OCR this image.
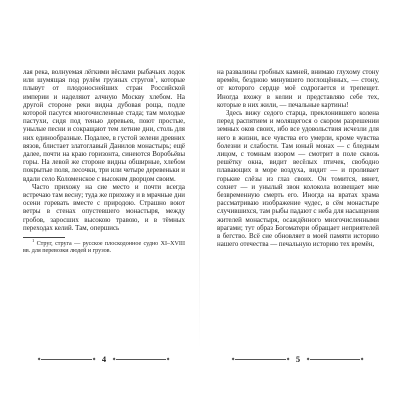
лая река, волнуемая лёгкими вёслами рыбачьих лодок или шумящая под рулём грузных стругов$^1$, которые плывут от плодоноснейших стран Российской империи и наделяют алчную Москву хлебом. На другой стороне реки видна дубовая роща, подле которой пасутся многочисленные стада; там молодые пастухи, сидя под тенью деревьев, поют простые, унылые песни и сокращают тем летние дни, столь для них единообразные. Подалее, в густой зелени древних вязов, блистает златоглавый Данилов монастырь; ещё далее, почти на краю горизонта, синеются Воробьёвы горы. На левой же стороне видны обширные, хлебом покрытые поля, лесочки, три или четыре деревеньки и вдали село Коломенское с высоким дворцом своим.

Часто прихожу на сие место и почти всегда встречаю там весну; туда же прихожу и в мрачные дни осени горевать вместе с природою. Страшно воют ветры в стенах опустевшего монастыря, между гробов, заросших высокою травою, и в тёмных переходах келий. Там, опершись

$^1$ Струг, струга — русское плоскодонное судно XI–XVIII вв. для перевозки людей и грузов.

на развалины гробных камней, внимаю глухому стону времён, бездною минувшего поглощённых, — стону, от которого сердце моё содрогается и трепещет. Иногда вхожу в келии и представляю себе тех, которые в них жили, — печальные картины!

Здесь вижу седого старца, преклонившего колена перед распятием и молящегося о скором разрешении земных оков своих, ибо все удовольствия исчезли для него в жизни, все чувства его умерли, кроме чувства болезни и слабости. Там юный монах — с бледным лицом, с томным взором — смотрит в поле сквозь решётку окна, видит весёлых птичек, свободно плавающих в море воздуха, видит — и проливает горькие слёзы из глаз своих. Он томится, вянет, сохнет — и унылый звон колокола возвещает мне безвременную смерть его. Иногда на вратах храма рассматриваю изображение чудес, в сём монастыре случившихся, там рыбы падают с неба для насыщения жителей монастыря, осаждённого многочисленными врагами; тут образ Богоматери обращает неприятелей в бегство. Всё сие обновляет в моей памяти историю нашего отечества — печальную историю тех времён,

4	5
